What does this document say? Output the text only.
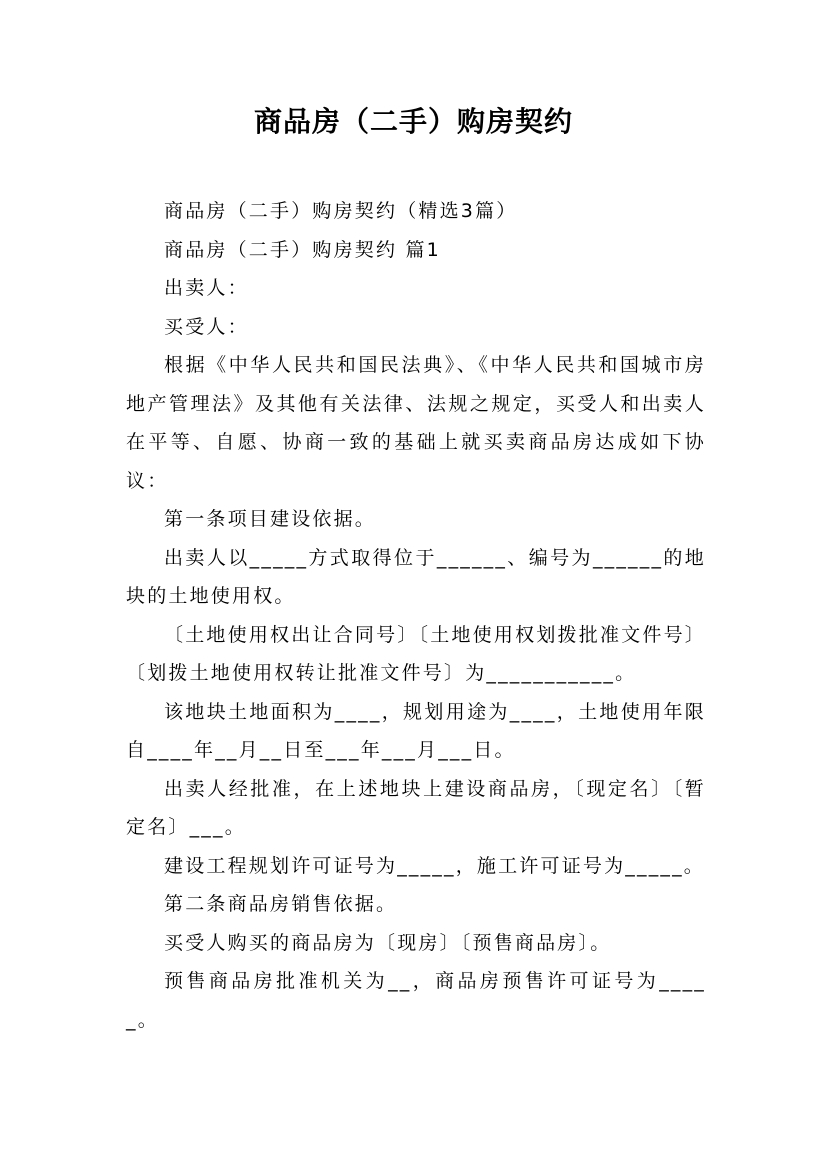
商品房（二手）购房契约

商品房（二手）购房契约（精选3篇）

商品房（二手）购房契约 篇1

出卖人：

买受人：

根据《中华人民共和国民法典》、《中华人民共和国城市房地产管理法》及其他有关法律、法规之规定，买受人和出卖人在平等、自愿、协商一致的基础上就买卖商品房达成如下协议：

第一条项目建设依据。

出卖人以_____方式取得位于______、编号为______的地块的土地使用权。

〔土地使用权出让合同号〕〔土地使用权划拨批准文件号〕〔划拨土地使用权转让批准文件号〕为___________。

该地块土地面积为____，规划用途为____，土地使用年限自____年__月__日至___年___月___日。

出卖人经批准，在上述地块上建设商品房，〔现定名〕〔暂定名〕___。

建设工程规划许可证号为_____，施工许可证号为_____。

第二条商品房销售依据。

买受人购买的商品房为〔现房〕〔预售商品房〕。

预售商品房批准机关为__，商品房预售许可证号为_____。
